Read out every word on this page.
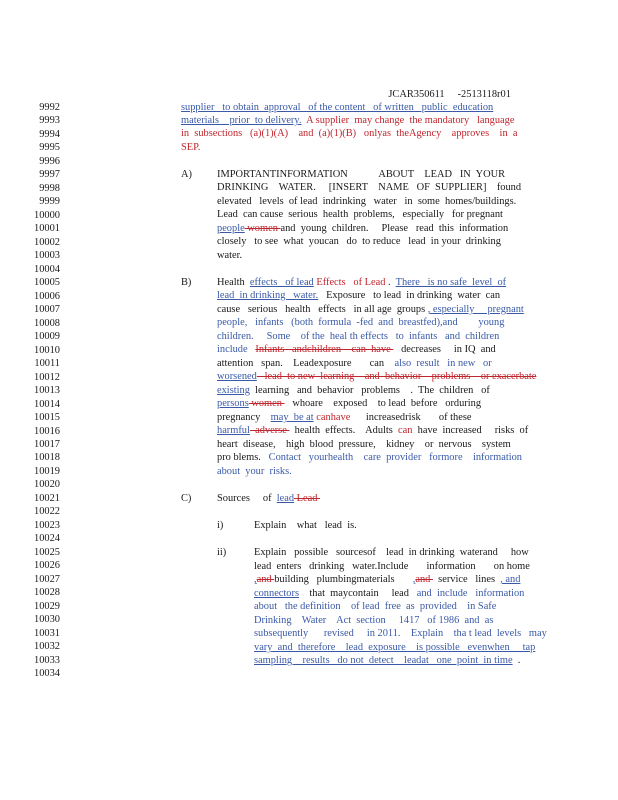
JCAR350611 -2513118r01

9992
9993
9994
9995
9996
9997
9998
9999
10000
10001
10002
10003
10004
10005
10006
10007
10008
10009
10010
10011
10012
10013
10014
10015
10016
10017
10018
10019
10020
10021
10022
10023
10024
10025
10026
10027
10028
10029
10030
10031
10032
10033
10034
supplier   to obtain  approval   of the content   of written   public  education
materials    prior  to delivery.  A supplier  may change  the mandatory   language
in  subsections   (a)(1)(A)    and  (a)(1)(B)   onlyas  theAgency    approves    in  a
SEP.
A) IMPORTANTINFORMATION            ABOUT    LEAD   IN  YOUR
DRINKING    WATER.     [INSERT    NAME   OF  SUPPLIER]    found
elevated   levels  of lead  indrinking   water   in  some  homes/buildings.
Lead  can cause  serious  health  problems,   especially   for pregnant
people women and  young  children.     Please   read  this  information
closely   to see  what  youcan   do  to reduce   lead  in your  drinking
water.
B) Health  effects   of lead Effects   of Lead .  There   is no safe  level  of
lead  in drinking   water.   Exposure   to lead  in drinking  water  can
cause   serious   health   effects   in all age  groups , especially     pregnant
people,   infants   (both  formula  -fed  and  breastfed),and        young
children.     Some    of the  heal th effects   to  infants   and  children
include   Infants   andchildren    can  have    decreases     in IQ  and
attention   span.    Leadexposure       can    also  result   in new   or
worsened   lead  to new  learning    and  behavior    problems    or exacerbate
existing  learning   and  behavior   problems    .  The  children   of
persons women    whoare    exposed    to lead  before   orduring
pregnancy    may  be at canhave      increasedrisk       of these
harmful  adverse   health  effects.    Adults  can  have  increased     risks  of
heart  disease,    high  blood  pressure,    kidney    or  nervous    system
pro blems.   Contact   yourhealth    care  provider   formore    information
about  your  risks.
C) Sources     of  lead Lead
i)	Explain    what   lead  is.
ii)	Explain   possible   sourcesof    lead  in drinking  waterand     how
lead  enters   drinking   water.Include       information       on home
,and building   plumbingmaterials       ,and   service   lines  , and
connectors    that  maycontain     lead   and  include   information
about   the definition    of lead  free  as  provided    in Safe
Drinking    Water    Act  section     1417   of 1986  and  as
subsequently      revised     in 2011.    Explain    tha t lead  levels   may
vary  and  therefore    lead  exposure    is possible   evenwhen     tap
sampling    results   do not  detect    leadat   one  point  in time  .
